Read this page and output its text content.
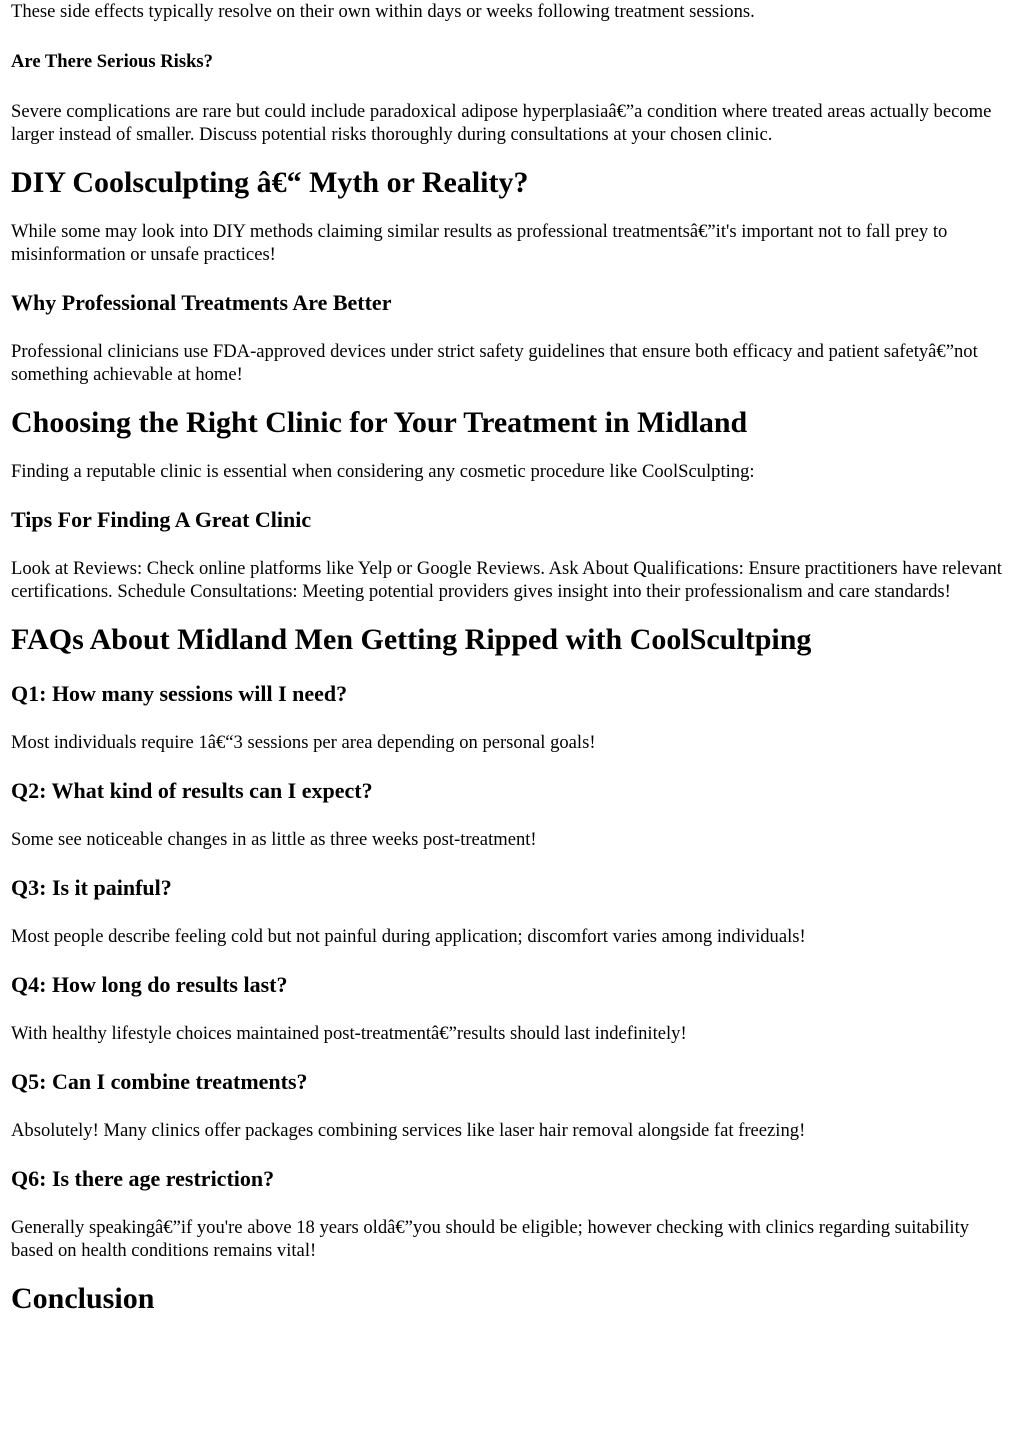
These side effects typically resolve on their own within days or weeks following treatment sessions.

Are There Serious Risks?

Severe complications are rare but could include paradoxical adipose hyperplasiaâ€”a condition where treated areas actually become larger instead of smaller. Discuss potential risks thoroughly during consultations at your chosen clinic.

DIY Coolsculpting â€“ Myth or Reality?

While some may look into DIY methods claiming similar results as professional treatmentsâ€”it's important not to fall prey to misinformation or unsafe practices!

Why Professional Treatments Are Better

Professional clinicians use FDA-approved devices under strict safety guidelines that ensure both efficacy and patient safetyâ€”not something achievable at home!

Choosing the Right Clinic for Your Treatment in Midland

Finding a reputable clinic is essential when considering any cosmetic procedure like CoolSculpting:

Tips For Finding A Great Clinic

Look at Reviews: Check online platforms like Yelp or Google Reviews. Ask About Qualifications: Ensure practitioners have relevant certifications. Schedule Consultations: Meeting potential providers gives insight into their professionalism and care standards!

FAQs About Midland Men Getting Ripped with CoolScultping
Q1: How many sessions will I need?

Most individuals require 1â€“3 sessions per area depending on personal goals!

Q2: What kind of results can I expect?

Some see noticeable changes in as little as three weeks post-treatment!

Q3: Is it painful?

Most people describe feeling cold but not painful during application; discomfort varies among individuals!

Q4: How long do results last?

With healthy lifestyle choices maintained post-treatmentâ€”results should last indefinitely!

Q5: Can I combine treatments?

Absolutely! Many clinics offer packages combining services like laser hair removal alongside fat freezing!

Q6: Is there age restriction?

Generally speakingâ€”if you're above 18 years oldâ€”you should be eligible; however checking with clinics regarding suitability based on health conditions remains vital!

Conclusion
